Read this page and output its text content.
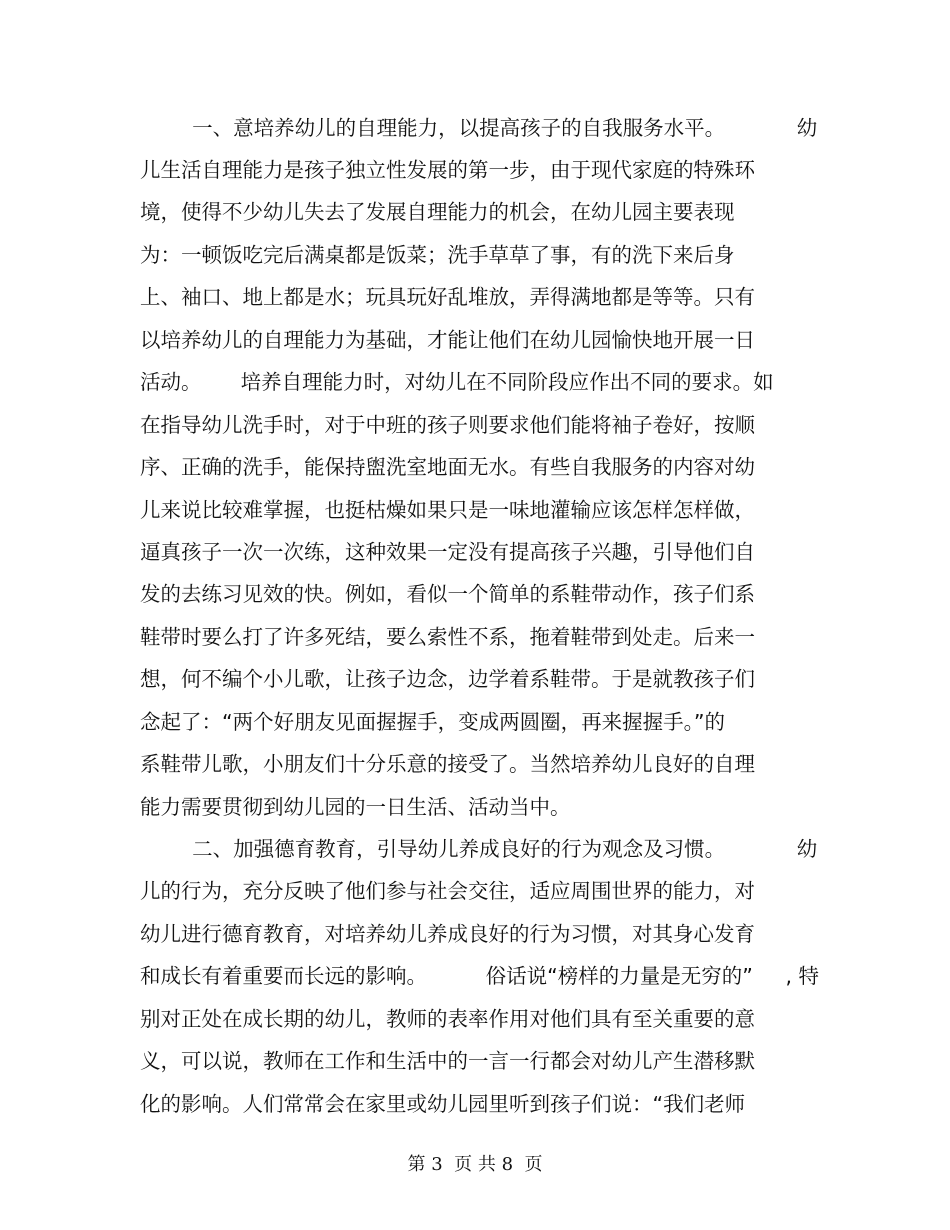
一、意培养幼儿的自理能力，以提高孩子的自我服务水平。           幼
儿生活自理能力是孩子独立性发展的第一步，由于现代家庭的特殊环
境，使得不少幼儿失去了发展自理能力的机会，在幼儿园主要表现
为：一顿饭吃完后满桌都是饭菜；洗手草草了事，有的洗下来后身
上、袖口、地上都是水；玩具玩好乱堆放，弄得满地都是等等。只有
以培养幼儿的自理能力为基础，才能让他们在幼儿园愉快地开展一日
活动。      培养自理能力时，对幼儿在不同阶段应作出不同的要求。如
在指导幼儿洗手时，对于中班的孩子则要求他们能将袖子卷好，按顺
序、正确的洗手，能保持盥洗室地面无水。有些自我服务的内容对幼
儿来说比较难掌握，也挺枯燥如果只是一味地灌输应该怎样怎样做，
逼真孩子一次一次练，这种效果一定没有提高孩子兴趣，引导他们自
发的去练习见效的快。例如，看似一个简单的系鞋带动作，孩子们系
鞋带时要么打了许多死结，要么索性不系，拖着鞋带到处走。后来一
想，何不编个小儿歌，让孩子边念，边学着系鞋带。于是就教孩子们
念起了：“两个好朋友见面握握手，变成两圆圈，再来握握手。”的
系鞋带儿歌，小朋友们十分乐意的接受了。当然培养幼儿良好的自理
能力需要贯彻到幼儿园的一日生活、活动当中。
二、加强德育教育，引导幼儿养成良好的行为观念及习惯。           幼
儿的行为，充分反映了他们参与社会交往，适应周围世界的能力，对
幼儿进行德育教育，对培养幼儿养成良好的行为习惯，对其身心发育
和成长有着重要而长远的影响。         俗话说“榜样的力量是无穷的”     , 特
别对正处在成长期的幼儿，教师的表率作用对他们具有至关重要的意
义，可以说，教师在工作和生活中的一言一行都会对幼儿产生潜移默
化的影响。人们常常会在家里或幼儿园里听到孩子们说：“我们老师
第 3  页 共 8  页
